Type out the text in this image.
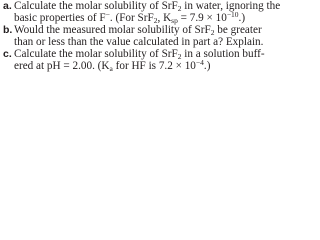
a. Calculate the molar solubility of SrF$_2$ in water, ignoring the
basic properties of F−. (For SrF$_2$, $K_{sp} = 7.9 \times 10^{-10}$.)
b. Would the measured molar solubility of SrF$_2$ be greater
than or less than the value calculated in part a? Explain.
c. Calculate the molar solubility of SrF$_2$ in a solution buff-
ered at pH = 2.00. ($K_a$ for HF is $7.2 \times 10^{-4}$.)
